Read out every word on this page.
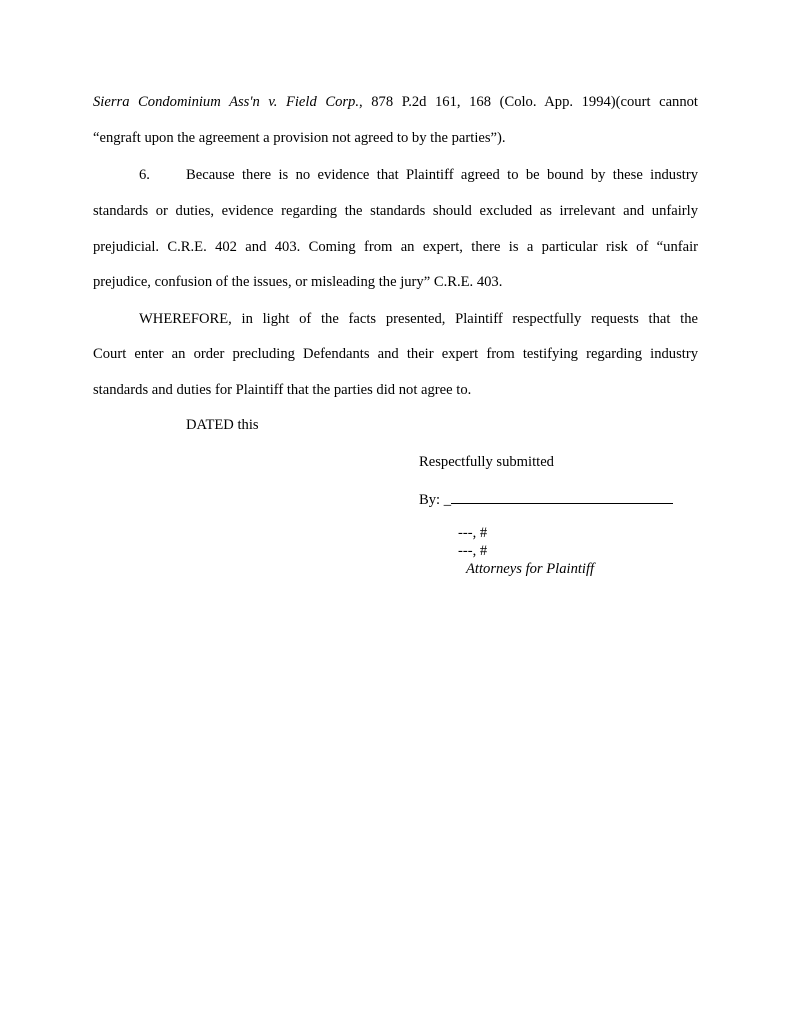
Sierra Condominium Ass'n v. Field Corp., 878 P.2d 161, 168 (Colo. App. 1994)(court cannot
“engraft upon the agreement a provision not agreed to by the parties”).
6.	Because there is no evidence that Plaintiff agreed to be bound by these industry
standards or duties, evidence regarding the standards should excluded as irrelevant and unfairly
prejudicial. C.R.E. 402 and 403. Coming from an expert, there is a particular risk of “unfair
prejudice, confusion of the issues, or misleading the jury” C.R.E. 403.
WHEREFORE, in light of the facts presented, Plaintiff respectfully requests that the
Court enter an order precluding Defendants and their expert from testifying regarding industry
standards and duties for Plaintiff that the parties did not agree to.
DATED this
Respectfully submitted
By: _
---, #
---, #
Attorneys for Plaintiff
